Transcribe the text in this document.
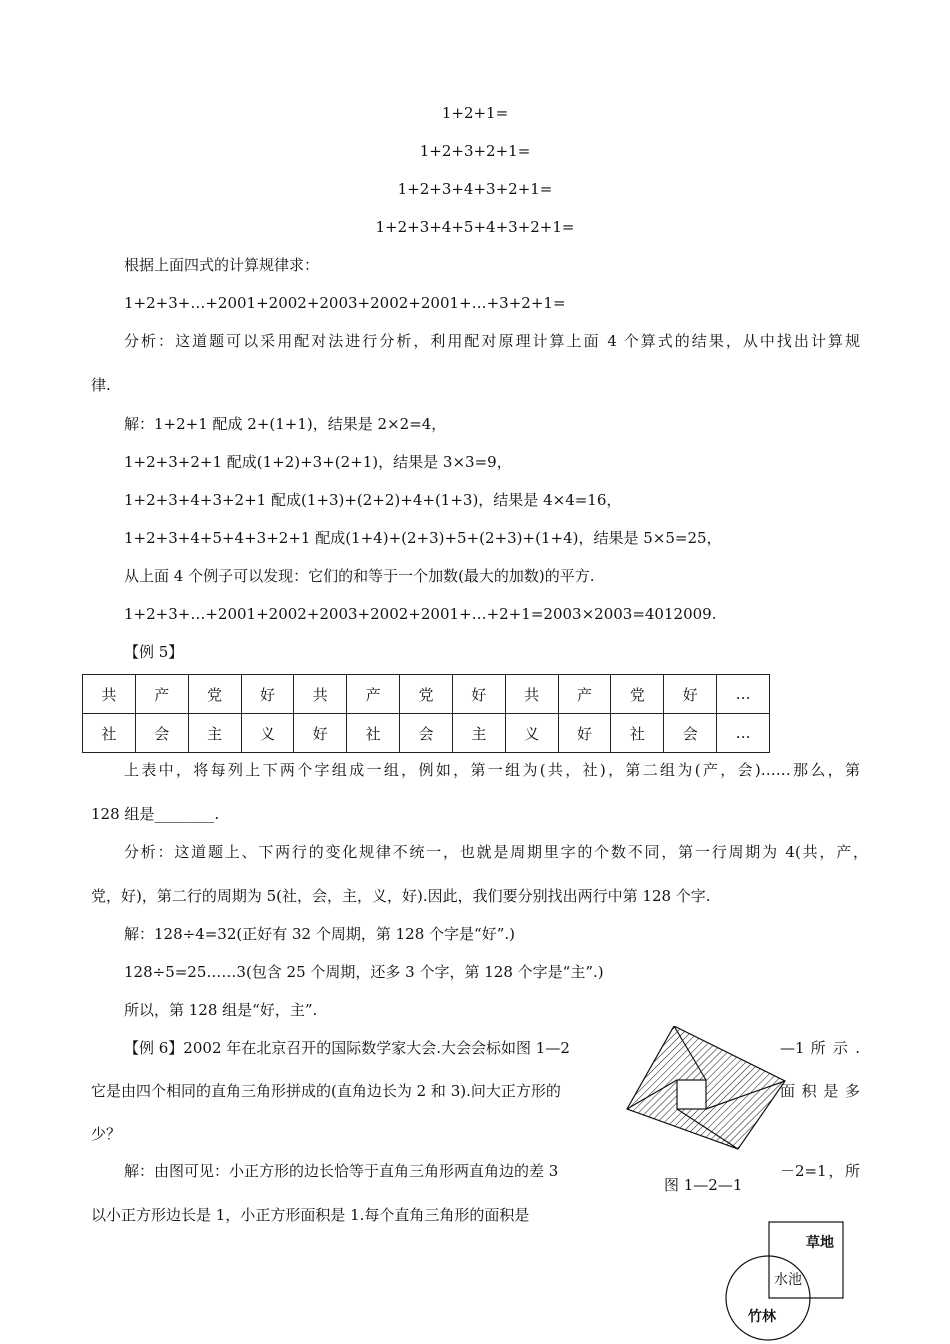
1+2+1=
1+2+3+2+1=
1+2+3+4+3+2+1=
1+2+3+4+5+4+3+2+1=
根据上面四式的计算规律求：
1+2+3+…+2001+2002+2003+2002+2001+…+3+2+1=
分析：这道题可以采用配对法进行分析，利用配对原理计算上面 4 个算式的结果，从中找出计算规
律.
解：1+2+1 配成 2+(1+1)，结果是 2×2=4，
1+2+3+2+1 配成(1+2)+3+(2+1)，结果是 3×3=9，
1+2+3+4+3+2+1 配成(1+3)+(2+2)+4+(1+3)，结果是 4×4=16，
1+2+3+4+5+4+3+2+1 配成(1+4)+(2+3)+5+(2+3)+(1+4)，结果是 5×5=25，
从上面 4 个例子可以发现：它们的和等于一个加数(最大的加数)的平方.
1+2+3+…+2001+2002+2003+2002+2001+…+2+1=2003×2003=4012009.
【例 5】
共	产	党	好	共	产	党	好	共	产	党	好	…
社	会	主	义	好	社	会	主	义	好	社	会	…
上表中，将每列上下两个字组成一组，例如，第一组为(共，社)，第二组为(产，会)……那么，第
128 组是________.
分析：这道题上、下两行的变化规律不统一，也就是周期里字的个数不同，第一行周期为 4(共，产，
党，好)，第二行的周期为 5(社，会，主，义，好).因此，我们要分别找出两行中第 128 个字.
解：128÷4=32(正好有 32 个周期，第 128 个字是“好”.)
128÷5=25……3(包含 25 个周期，还多 3 个字，第 128 个字是“主”.)
所以，第 128 组是“好，主”.
【例 6】2002 年在北京召开的国际数学家大会.大会会标如图 1—2	—1 所 示 .
它是由四个相同的直角三角形拼成的(直角边长为 2 和 3).问大正方形的	面 积 是 多
少？
解：由图可见：小正方形的边长恰等于直角三角形两直角边的差 3	－2=1，所
以小正方形边长是 1，小正方形面积是 1.每个直角三角形的面积是
图 1—2—1
草地
水池
竹林
